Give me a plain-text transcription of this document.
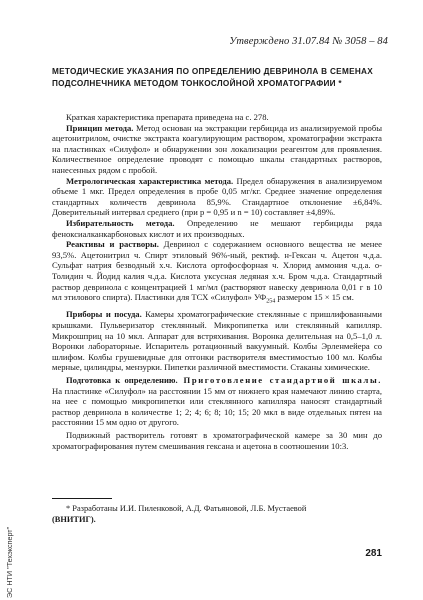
Утверждено 31.07.84 № 3058 – 84
МЕТОДИЧЕСКИЕ УКАЗАНИЯ ПО ОПРЕДЕЛЕНИЮ ДЕВРИНОЛА В СЕМЕНАХ ПОДСОЛНЕЧНИКА МЕТОДОМ ТОНКОСЛОЙНОЙ ХРОМАТОГРАФИИ *

Краткая характеристика препарата приведена на с. 278.

Принцип метода. Метод основан на экстракции гербицида из анализируемой пробы ацетонитрилом, очистке экстракта коагулирующим раствором, хроматографии экстракта на пластинках «Силуфол» и обнаружении зон локализации реагентом для проявления. Количественное определение проводят с помощью шкалы стандартных растворов, нанесенных рядом с пробой.

Метрологическая характеристика метода. Предел обнаружения в анализируемом объеме 1 мкг. Предел определения в пробе 0,05 мг/кг. Среднее значение определения стандартных количеств девринола 85,9%. Стандартное отклонение ±6,84%. Доверительный интервал среднего (при p = 0,95 и n = 10) составляет ±4,89%.

Избирательность метода. Определению не мешают гербициды ряда феноксиалканкарбоновых кислот и их производных.

Реактивы и растворы. Девринол с содержанием основного вещества не менее 93,5%. Ацетонитрил ч. Спирт этиловый 96%-ный, ректиф. н-Гексан ч. Ацетон ч.д.а. Сульфат натрия безводный х.ч. Кислота ортофосфорная ч. Хлорид аммония ч.д.а. о-Толидин ч. Йодид калия ч.д.а. Кислота уксусная ледяная х.ч. Бром ч.д.а. Стандартный раствор девринола с концентрацией 1 мг/мл (растворяют навеску девринола 0,01 г в 10 мл этилового спирта). Пластинки для ТСХ «Силуфол» $УФ_{254}$ размером 15 × 15 см.

Приборы и посуда. Камеры хроматографические стеклянные с пришлифованными крышками. Пульверизатор стеклянный. Микропипетка или стеклянный капилляр. Микрошприц на 10 мкл. Аппарат для встряхивания. Воронка делительная на 0,5–1,0 л. Воронки лабораторные. Испаритель ротационный вакуумный. Колбы Эрленмейера со шлифом. Колбы грушевидные для отгонки растворителя вместимостью 100 мл. Колбы мерные, цилиндры, мензурки. Пипетки различной вместимости. Стаканы химические.

Подготовка к определению. Приготовление стандартной шкалы. На пластинке «Силуфол» на расстоянии 15 мм от нижнего края намечают линию старта, на нее с помощью микропипетки или стеклянного капилляра наносят стандартный раствор девринола в количестве 1; 2; 4; 6; 8; 10; 15; 20 мкл в виде отдельных пятен на расстоянии 15 мм одно от другого.

Подвижный растворитель готовят в хроматографической камере за 30 мин до хроматографирования путем смешивания гексана и ацетона в соотношении 10:3.

* Разработаны И.И. Пиленковой, А.Д. Фатьяновой, Л.Б. Мустаевой
(ВНИТИГ).
281
ЭС НТИ "Техэксперт"
